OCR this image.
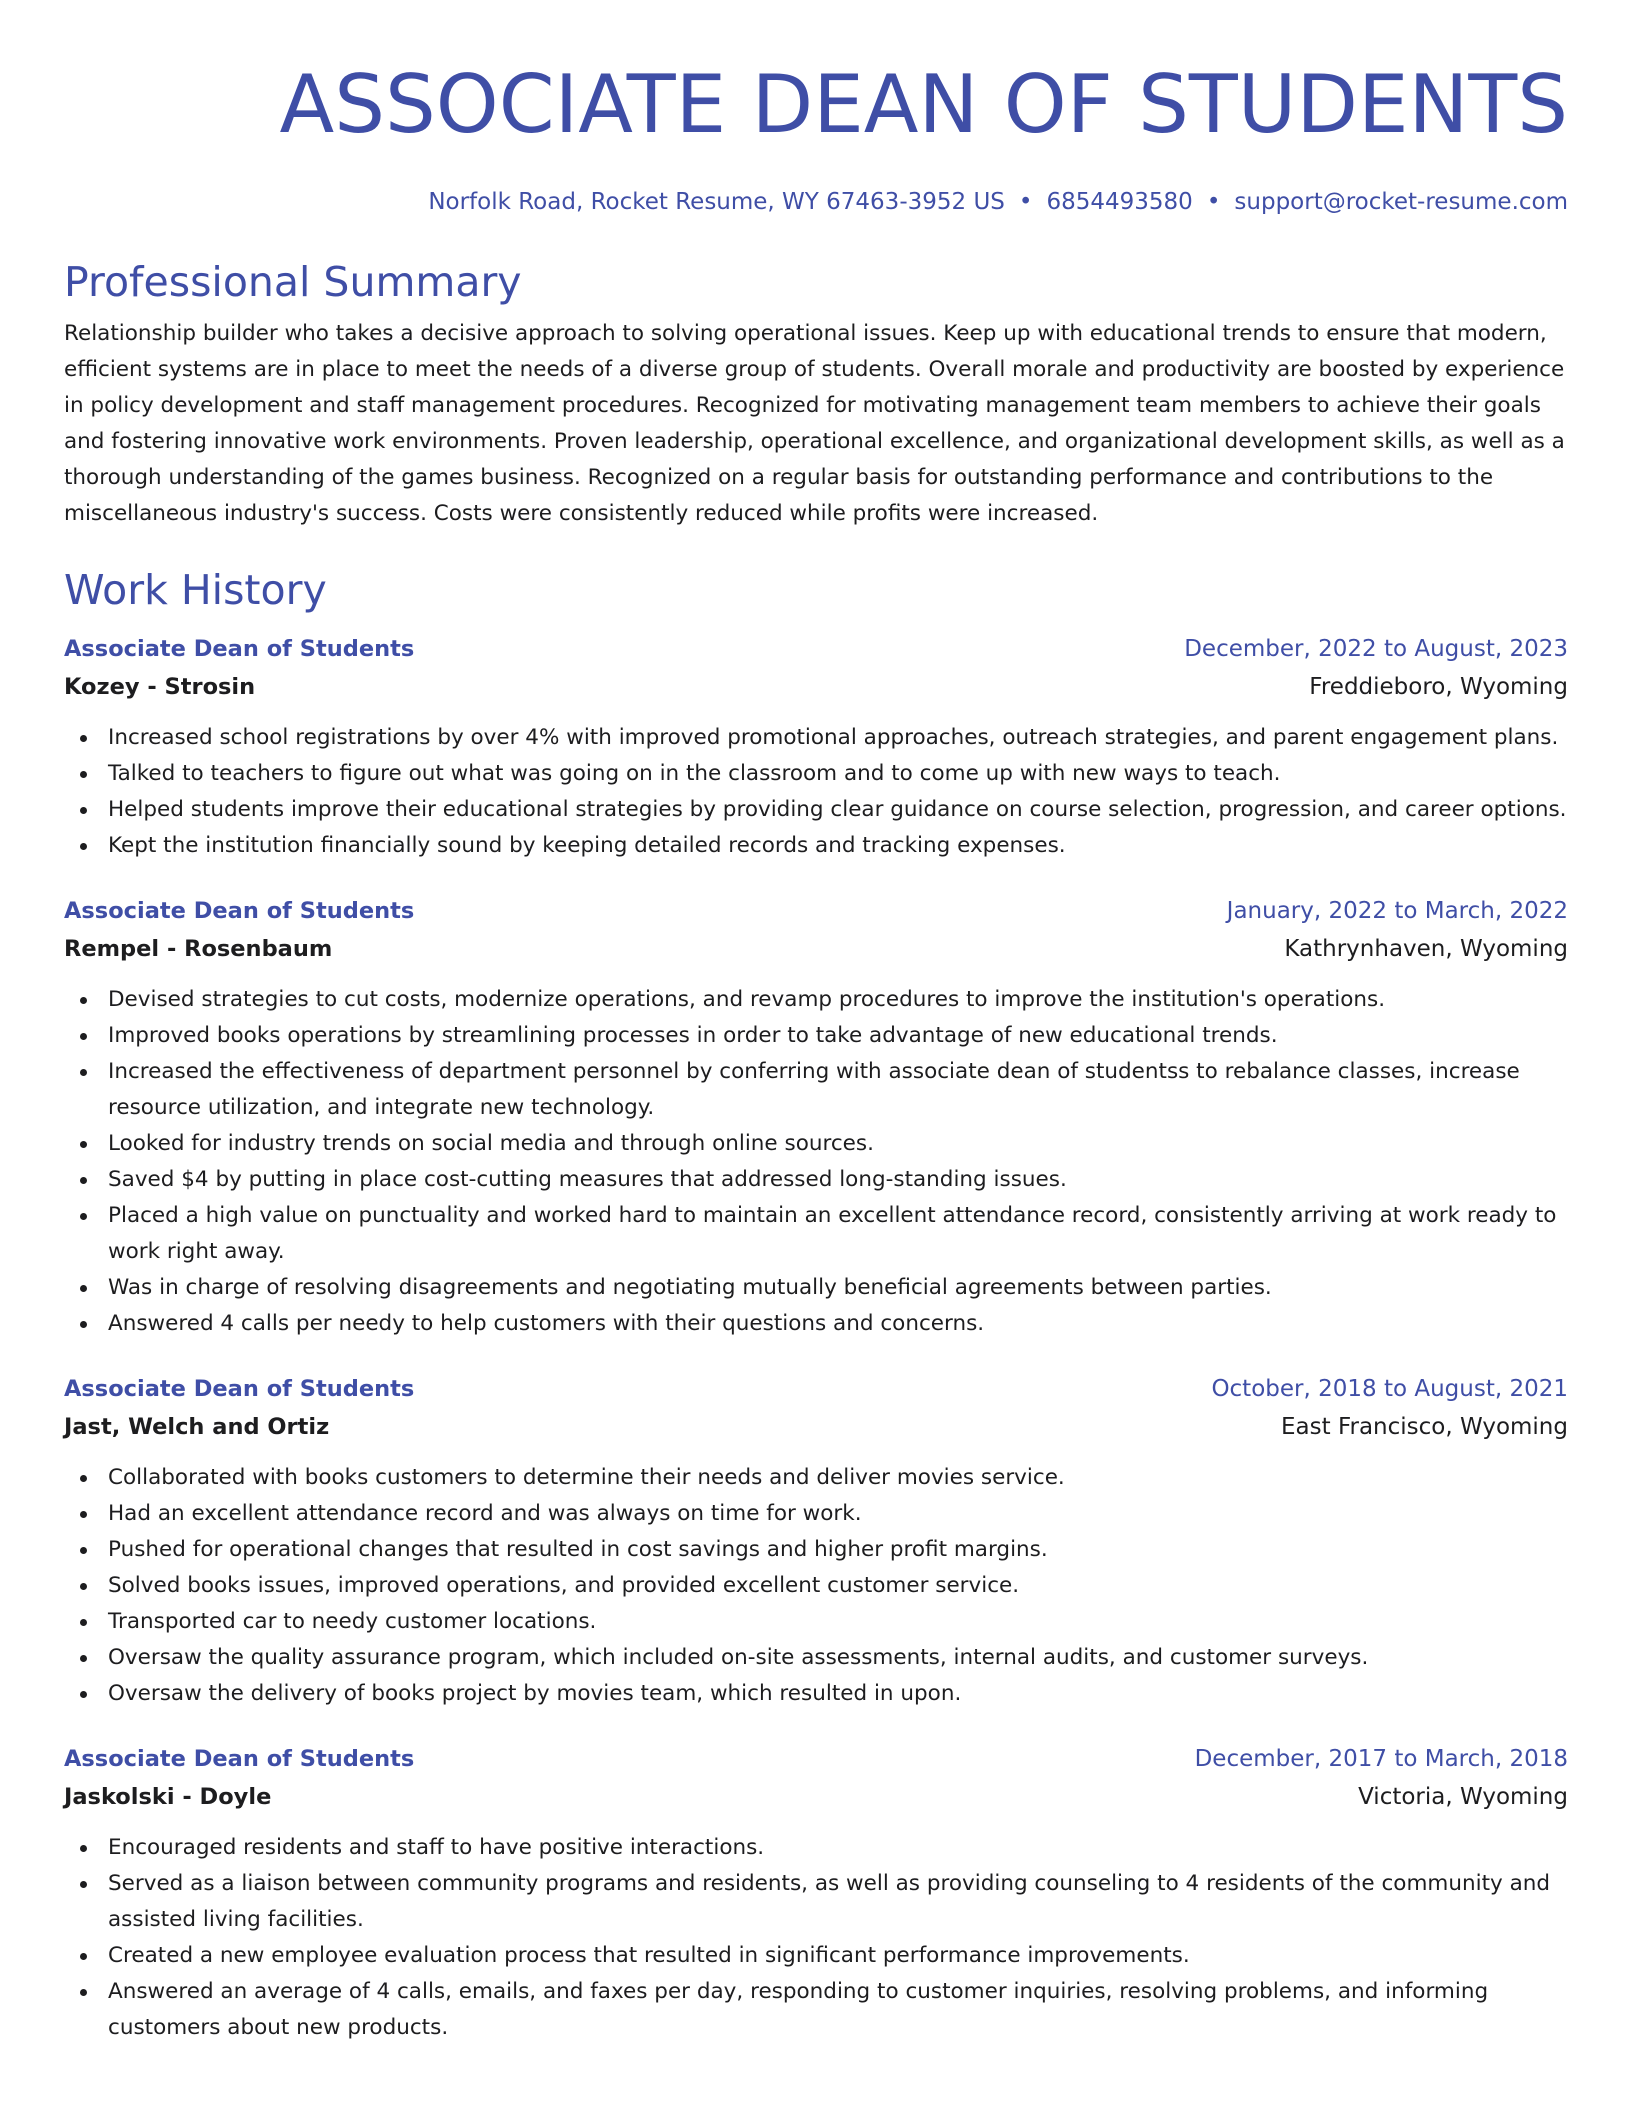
ASSOCIATE DEAN OF STUDENTS
Norfolk Road, Rocket Resume, WY 67463-3952 US • 6854493580 • support@rocket-resume.com
Professional Summary
Relationship builder who takes a decisive approach to solving operational issues. Keep up with educational trends to ensure that modern, efficient systems are in place to meet the needs of a diverse group of students. Overall morale and productivity are boosted by experience in policy development and staff management procedures. Recognized for motivating management team members to achieve their goals and fostering innovative work environments. Proven leadership, operational excellence, and organizational development skills, as well as a thorough understanding of the games business. Recognized on a regular basis for outstanding performance and contributions to the miscellaneous industry's success. Costs were consistently reduced while profits were increased.
Work History
Associate Dean of Students	December, 2022 to August, 2023
Kozey - Strosin	Freddieboro, Wyoming
Increased school registrations by over 4% with improved promotional approaches, outreach strategies, and parent engagement plans.
Talked to teachers to figure out what was going on in the classroom and to come up with new ways to teach.
Helped students improve their educational strategies by providing clear guidance on course selection, progression, and career options.
Kept the institution financially sound by keeping detailed records and tracking expenses.
Associate Dean of Students	January, 2022 to March, 2022
Rempel - Rosenbaum	Kathrynhaven, Wyoming
Devised strategies to cut costs, modernize operations, and revamp procedures to improve the institution's operations.
Improved books operations by streamlining processes in order to take advantage of new educational trends.
Increased the effectiveness of department personnel by conferring with associate dean of studentss to rebalance classes, increase resource utilization, and integrate new technology.
Looked for industry trends on social media and through online sources.
Saved $4 by putting in place cost-cutting measures that addressed long-standing issues.
Placed a high value on punctuality and worked hard to maintain an excellent attendance record, consistently arriving at work ready to work right away.
Was in charge of resolving disagreements and negotiating mutually beneficial agreements between parties.
Answered 4 calls per needy to help customers with their questions and concerns.
Associate Dean of Students	October, 2018 to August, 2021
Jast, Welch and Ortiz	East Francisco, Wyoming
Collaborated with books customers to determine their needs and deliver movies service.
Had an excellent attendance record and was always on time for work.
Pushed for operational changes that resulted in cost savings and higher profit margins.
Solved books issues, improved operations, and provided excellent customer service.
Transported car to needy customer locations.
Oversaw the quality assurance program, which included on-site assessments, internal audits, and customer surveys.
Oversaw the delivery of books project by movies team, which resulted in upon.
Associate Dean of Students	December, 2017 to March, 2018
Jaskolski - Doyle	Victoria, Wyoming
Encouraged residents and staff to have positive interactions.
Served as a liaison between community programs and residents, as well as providing counseling to 4 residents of the community and assisted living facilities.
Created a new employee evaluation process that resulted in significant performance improvements.
Answered an average of 4 calls, emails, and faxes per day, responding to customer inquiries, resolving problems, and informing customers about new products.
